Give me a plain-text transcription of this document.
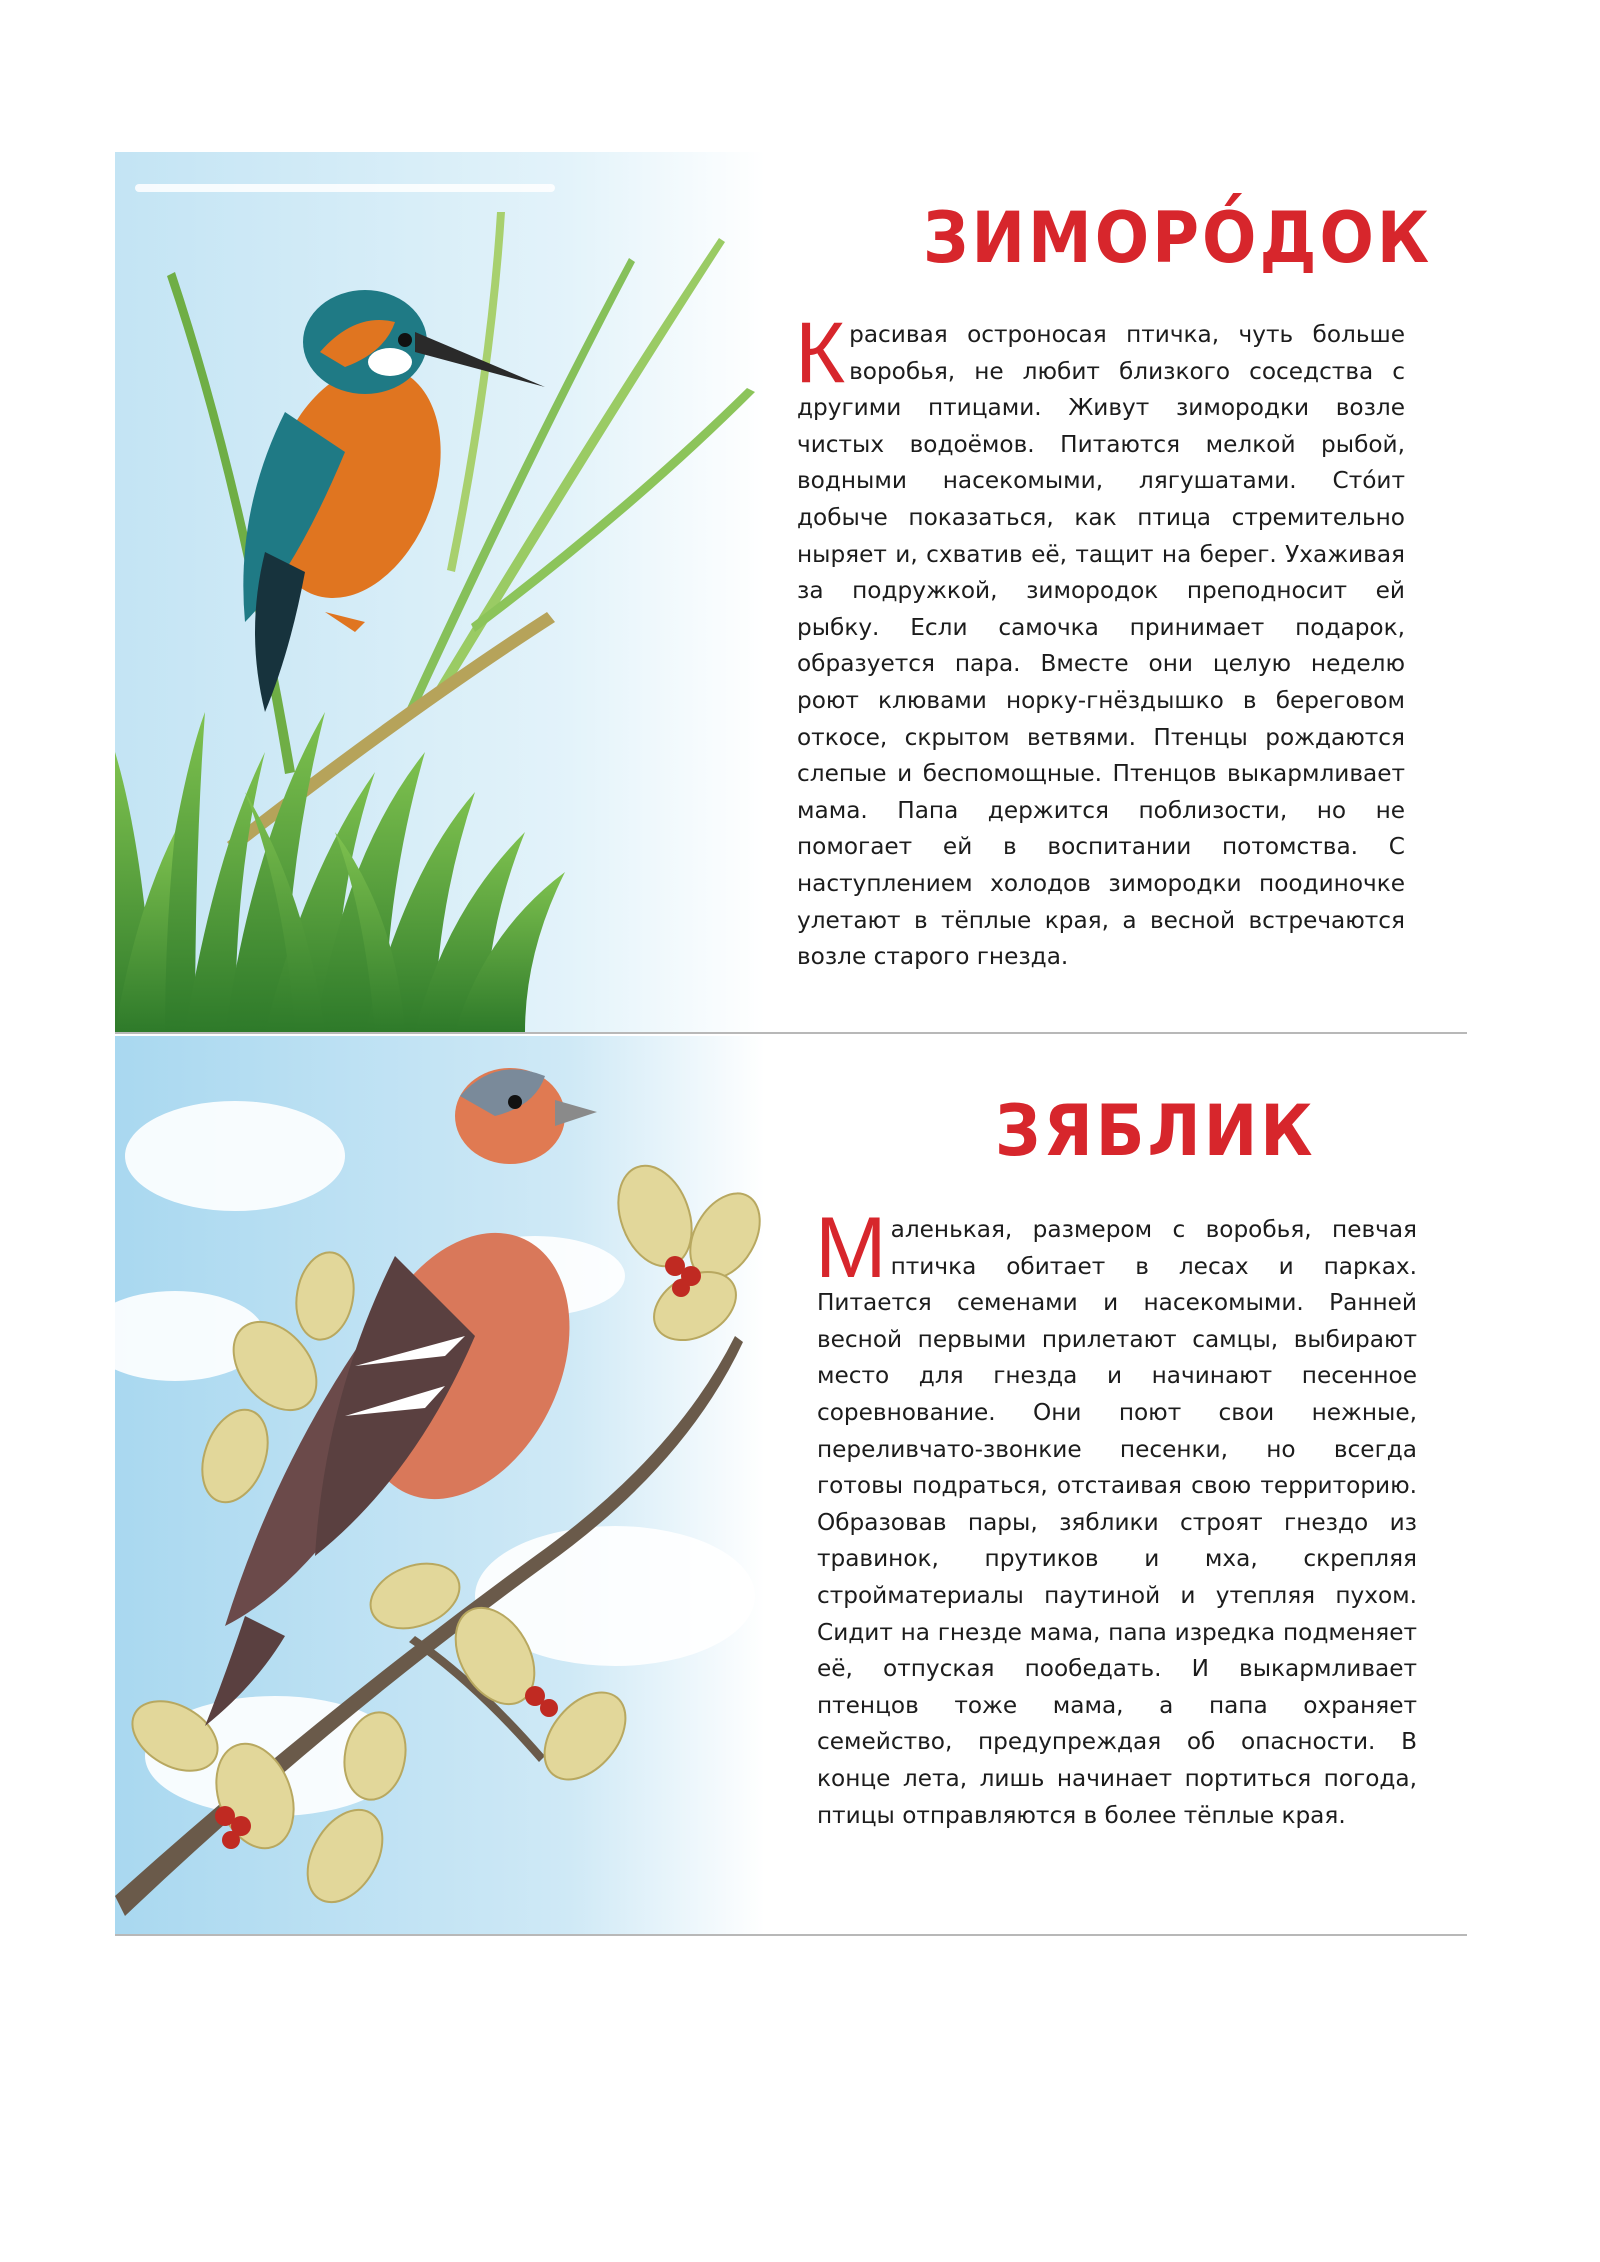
ЗИМОРО́ДОК

Красивая остроносая птичка, чуть больше воробья, не любит близкого соседства с другими птицами. Живут зимородки возле чистых водоёмов. Питаются мелкой рыбой, водными насекомыми, лягушатами. Сто́ит добыче показаться, как птица стремительно ныряет и, схватив её, тащит на берег. Ухаживая за подружкой, зимородок преподносит ей рыбку. Если самочка принимает подарок, образуется пара. Вместе они целую неделю роют клювами норку-гнёздышко в береговом откосе, скрытом ветвями. Птенцы рождаются слепые и беспомощные. Птенцов выкармливает мама. Папа держится поблизости, но не помогает ей в воспитании потомства. С наступлением холодов зимородки поодиночке улетают в тёплые края, а весной встречаются возле старого гнезда.

ЗЯБЛИК

Маленькая, размером с воробья, певчая птичка обитает в лесах и парках. Питается семенами и насекомыми. Ранней весной первыми прилетают самцы, выбирают место для гнезда и начинают песенное соревнование. Они поют свои нежные, переливчато-звонкие песенки, но всегда готовы подраться, отстаивая свою территорию. Образовав пары, зяблики строят гнездо из травинок, прутиков и мха, скрепляя стройматериалы паутиной и утепляя пухом. Сидит на гнезде мама, папа изредка подменяет её, отпуская пообедать. И выкармливает птенцов тоже мама, а папа охраняет семейство, предупреждая об опасности. В конце лета, лишь начинает портиться погода, птицы отправляются в более тёплые края.
